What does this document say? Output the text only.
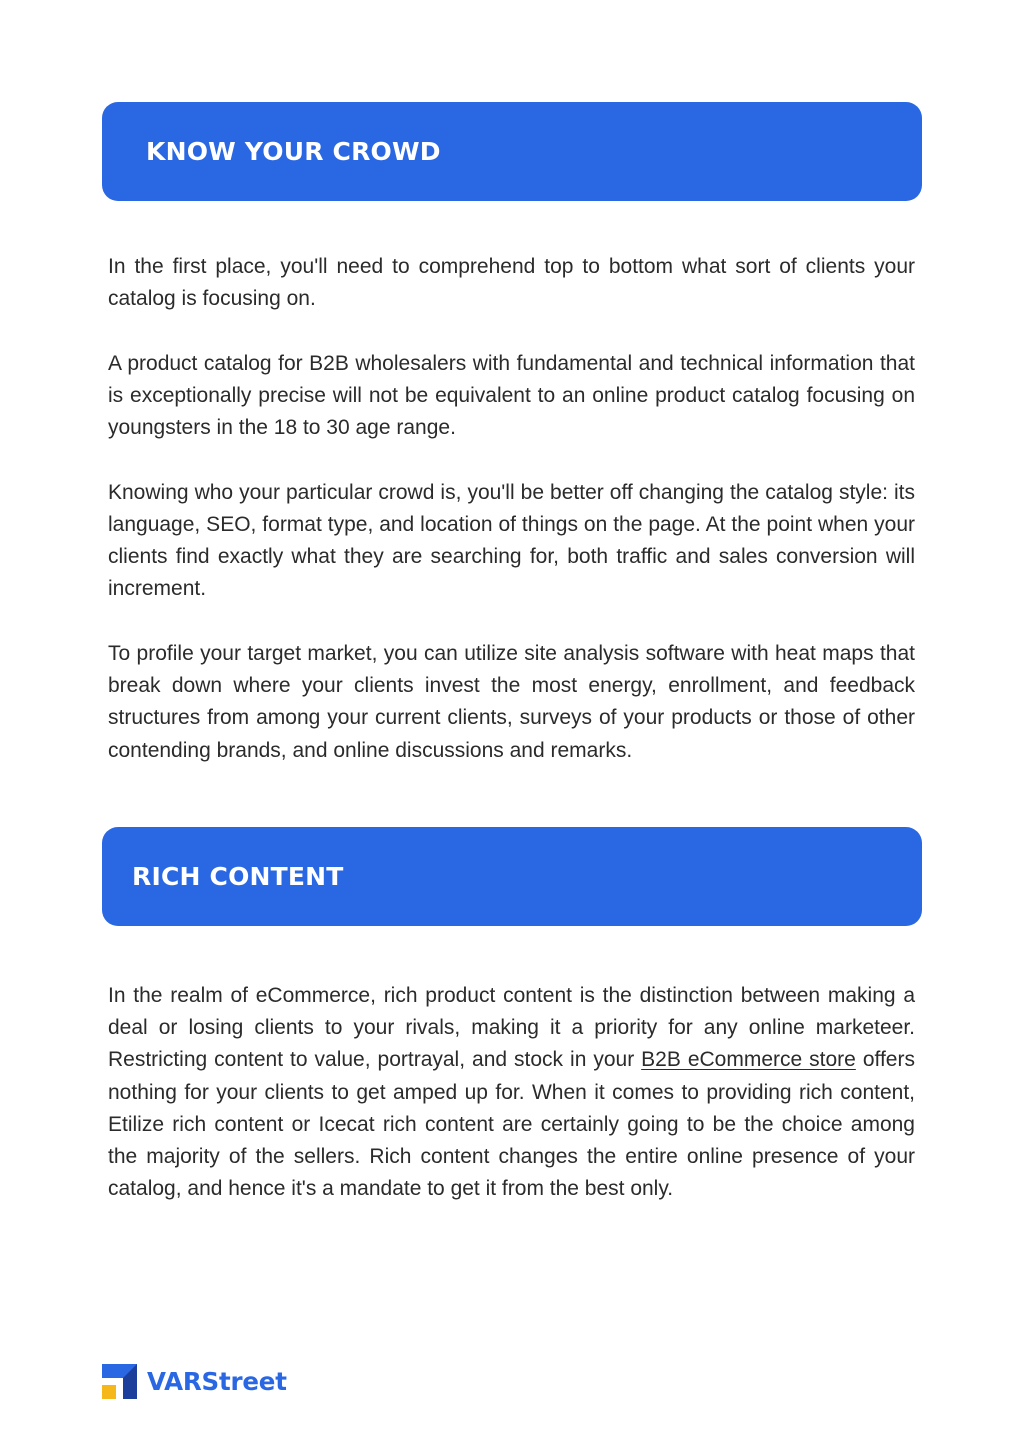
KNOW YOUR CROWD

In the first place, you'll need to comprehend top to bottom what sort of clients your catalog is focusing on.

A product catalog for B2B wholesalers with fundamental and technical information that is exceptionally precise will not be equivalent to an online product catalog focusing on youngsters in the 18 to 30 age range.

Knowing who your particular crowd is, you'll be better off changing the catalog style: its language, SEO, format type, and location of things on the page. At the point when your clients find exactly what they are searching for, both traffic and sales conversion will increment.

To profile your target market, you can utilize site analysis software with heat maps that break down where your clients invest the most energy, enrollment, and feedback structures from among your current clients, surveys of your products or those of other contending brands, and online discussions and remarks.

RICH CONTENT

In the realm of eCommerce, rich product content is the distinction between making a deal or losing clients to your rivals, making it a priority for any online marketeer. Restricting content to value, portrayal, and stock in your B2B eCommerce store offers nothing for your clients to get amped up for. When it comes to providing rich content, Etilize rich content or Icecat rich content are certainly going to be the choice among the majority of the sellers. Rich content changes the entire online presence of your catalog, and hence it's a mandate to get it from the best only.

VARStreet
